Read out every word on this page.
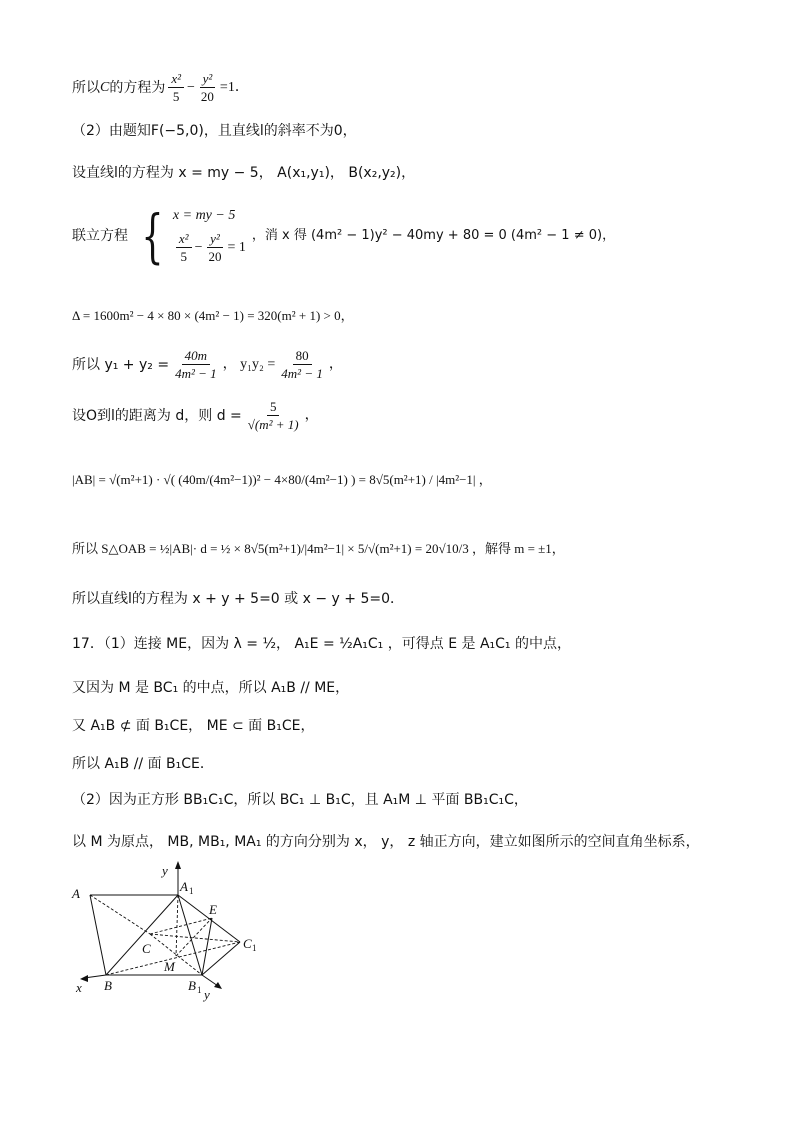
所以 C 的方程为 $\frac{\text{x²}}{5} - \frac{\text{y²}}{20} =1$．
（2）由题知F(−5,0)，且直线l的斜率不为0，
设直线l的方程为 x = my − 5， A(x₁,y₁)， B(x₂,y₂)，
联立方程 { x = my − 5
$\frac{\text{x²}}{5} - \frac{\text{y²}}{20} = 1$
，消 x 得 (4m² − 1)y² − 40my + 80 = 0 (4m² − 1 ≠ 0)，
Δ = 1600m² − 4 × 80 × (4m² − 1) = 320(m² + 1) > 0，
所以 $y_1 + y_2 = \frac{40m}{\text{4m² − 1}}$ ， $y_1y_2 = \frac{80}{\text{4m² − 1}}$ ，
设O到l的距离为 d，则 $d = \frac{5}{\text{√(m² + 1)}}$ ，
|AB| = √(m²+1) · √( (40m/(4m²−1))² − 4×80/(4m²−1) ) = 8√5(m²+1) / |4m²−1| ，
所以 S△OAB = ½|AB|· d = ½ × 8√5(m²+1)/|4m²−1| × 5/√(m²+1) = 20√10/3 ，解得 m = ±1，
所以直线l的方程为 x + y + 5=0 或 x − y + 5=0．
17．（1）连接 ME，因为 λ = ½， A₁E = ½A₁C₁ ，可得点 E 是 A₁C₁ 的中点，
又因为 M 是 BC₁ 的中点，所以 A₁B // ME，
又 A₁B ⊄ 面 B₁CE， ME ⊂ 面 B₁CE，
所以 A₁B // 面 B₁CE．
（2）因为正方形 BB₁C₁C，所以 BC₁ ⊥ B₁C，且 A₁M ⊥ 平面 BB₁C₁C，
以 M 为原点， MB, MB₁, MA₁ 的方向分别为 x， y， z 轴正方向，建立如图所示的空间直角坐标系，
A	A 1
E
C 1
C
M
B	B 1
x
y
y
